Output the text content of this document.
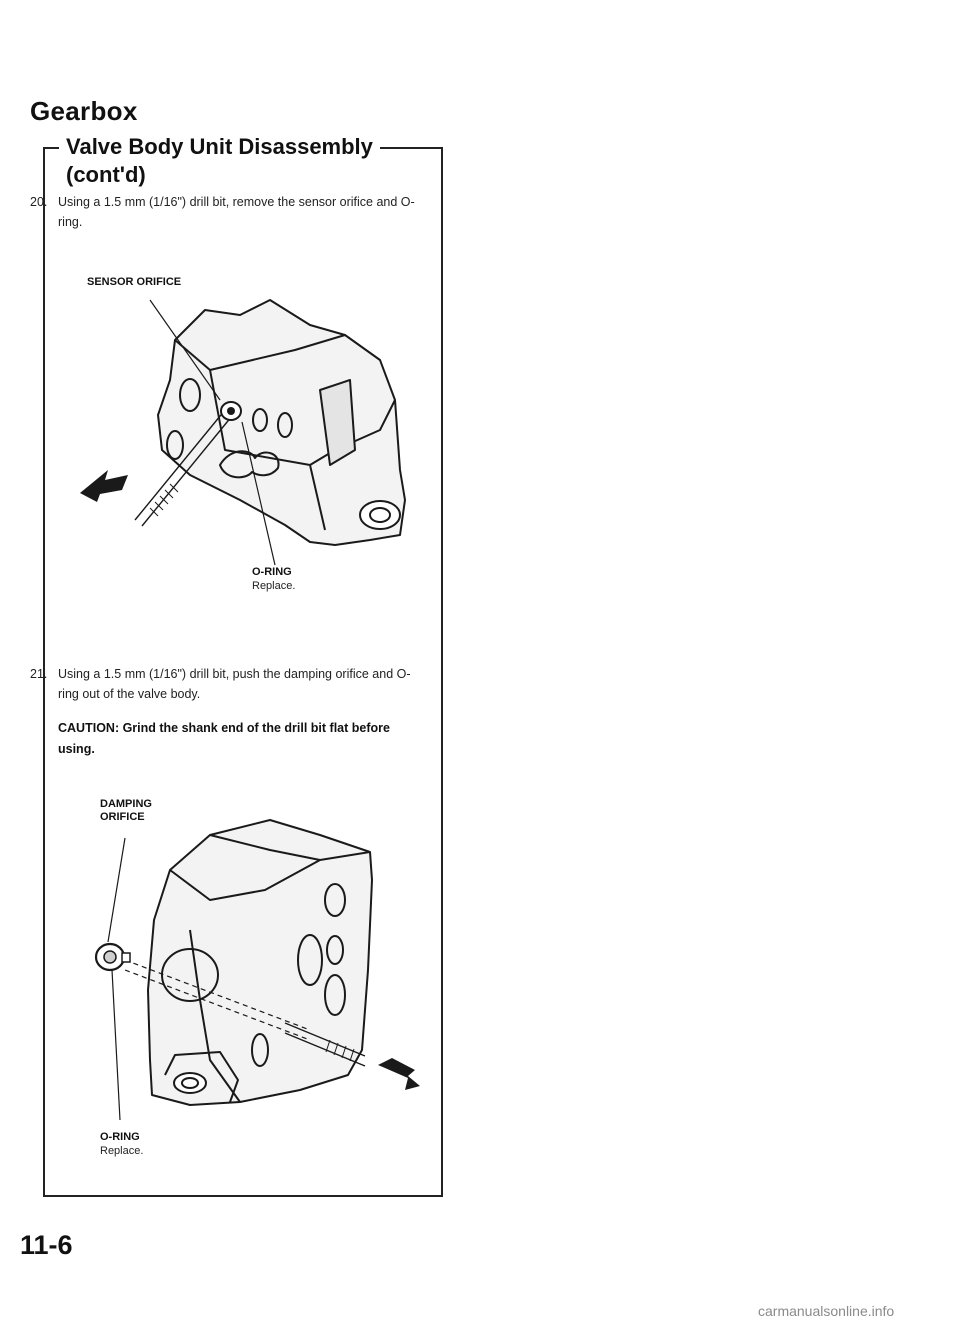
Gearbox
Valve Body Unit Disassembly
(cont'd)
20. Using a 1.5 mm (1/16") drill bit, remove the sensor orifice and O-ring.
SENSOR ORIFICE
O-RING
Replace.
21. Using a 1.5 mm (1/16") drill bit, push the damping orifice and O-ring out of the valve body.
CAUTION: Grind the shank end of the drill bit flat before using.
DAMPING
ORIFICE
O-RING
Replace.
11-6
carmanualsonline.info
